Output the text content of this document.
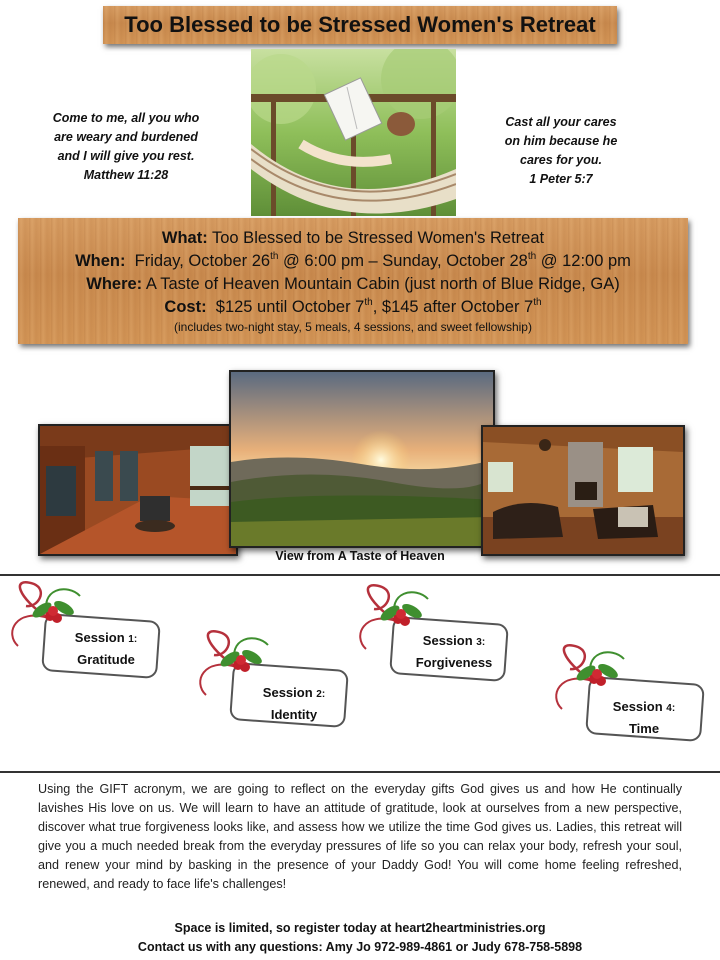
Too Blessed to be Stressed Women's Retreat
Come to me, all you who
are weary and burdened
and I will give you rest.
Matthew 11:28
Cast all your cares
on him because he
cares for you.
1 Peter 5:7
What: Too Blessed to be Stressed Women's Retreat
When: Friday, October 26th @ 6:00 pm – Sunday, October 28th @ 12:00 pm
Where: A Taste of Heaven Mountain Cabin (just north of Blue Ridge, GA)
Cost: $125 until October 7th, $145 after October 7th
(includes two-night stay, 5 meals, 4 sessions, and sweet fellowship)
View from A Taste of Heaven
Session 1:
Gratitude
Session 2:
Identity
Session 3:
Forgiveness
Session 4:
Time
Using the GIFT acronym, we are going to reflect on the everyday gifts God gives us and how He continually lavishes His love on us. We will learn to have an attitude of gratitude, look at ourselves from a new perspective, discover what true forgiveness looks like, and assess how we utilize the time God gives us. Ladies, this retreat will give you a much needed break from the everyday pressures of life so you can relax your body, refresh your soul, and renew your mind by basking in the presence of your Daddy God! You will come home feeling refreshed, renewed, and ready to face life's challenges!
Space is limited, so register today at heart2heartministries.org
Contact us with any questions: Amy Jo 972-989-4861 or Judy 678-758-5898
